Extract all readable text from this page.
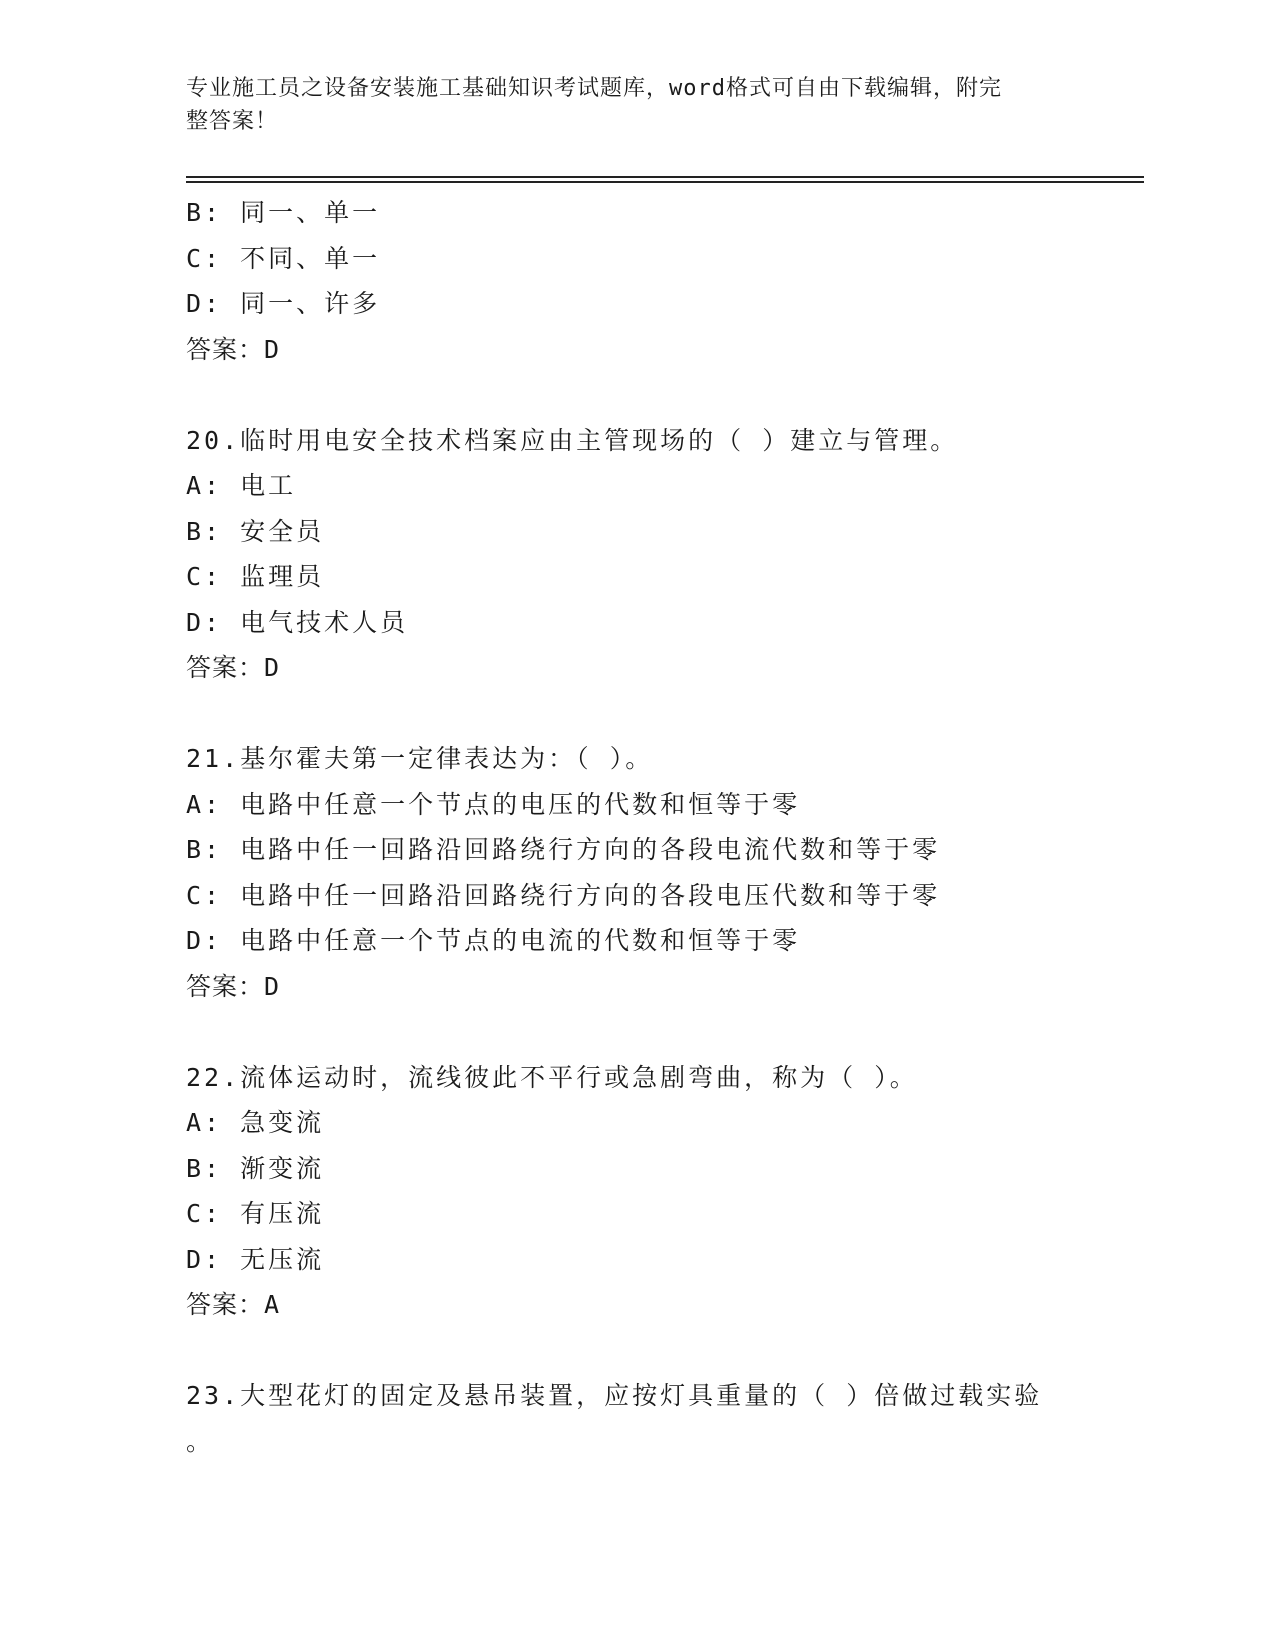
专业施工员之设备安装施工基础知识考试题库，word格式可自由下载编辑，附完
整答案！
B: 同一、单一
C: 不同、单一
D: 同一、许多
答案：D
20.临时用电安全技术档案应由主管现场的（ ）建立与管理。
A: 电工
B: 安全员
C: 监理员
D: 电气技术人员
答案：D
21.基尔霍夫第一定律表达为：（ ）。
A: 电路中任意一个节点的电压的代数和恒等于零
B: 电路中任一回路沿回路绕行方向的各段电流代数和等于零
C: 电路中任一回路沿回路绕行方向的各段电压代数和等于零
D: 电路中任意一个节点的电流的代数和恒等于零
答案：D
22.流体运动时，流线彼此不平行或急剧弯曲，称为（ ）。
A: 急变流
B: 渐变流
C: 有压流
D: 无压流
答案：A
23.大型花灯的固定及悬吊装置，应按灯具重量的（ ）倍做过载实验
。
